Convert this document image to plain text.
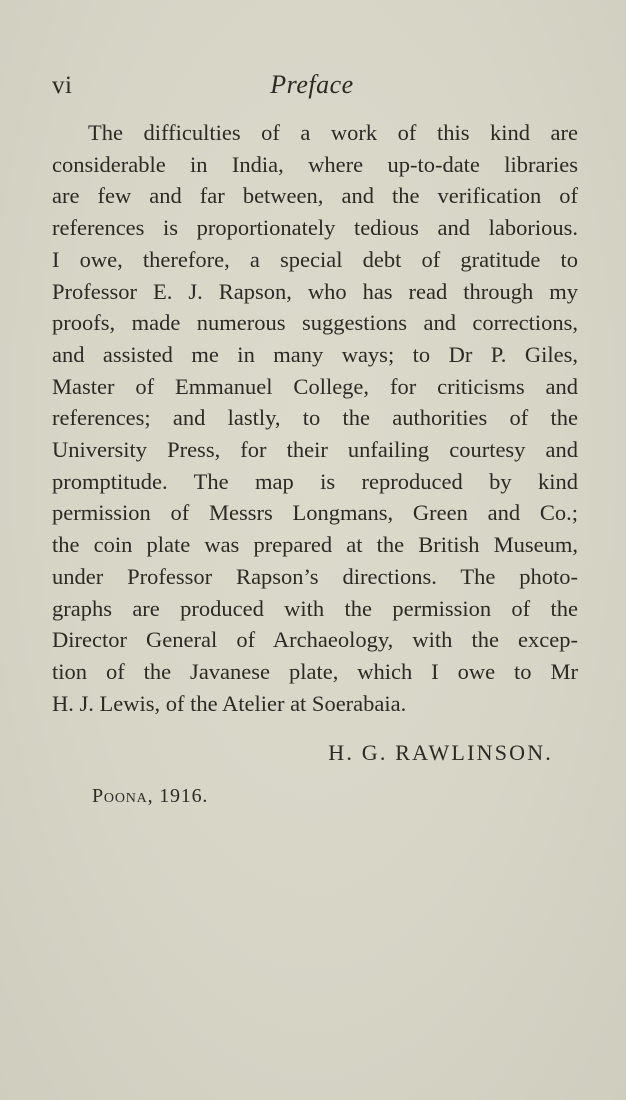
vi	Preface
The difficulties of a work of this kind are
considerable in India, where up-to-date libraries
are few and far between, and the verification of
references is proportionately tedious and laborious.
I owe, therefore, a special debt of gratitude to
Professor E. J. Rapson, who has read through my
proofs, made numerous suggestions and corrections,
and assisted me in many ways; to Dr P. Giles,
Master of Emmanuel College, for criticisms and
references; and lastly, to the authorities of the
University Press, for their unfailing courtesy and
promptitude. The map is reproduced by kind
permission of Messrs Longmans, Green and Co.;
the coin plate was prepared at the British Museum,
under Professor Rapson’s directions. The photo-
graphs are produced with the permission of the
Director General of Archaeology, with the excep-
tion of the Javanese plate, which I owe to Mr
H. J. Lewis, of the Atelier at Soerabaia.
H. G. RAWLINSON.
Poona, 1916.
